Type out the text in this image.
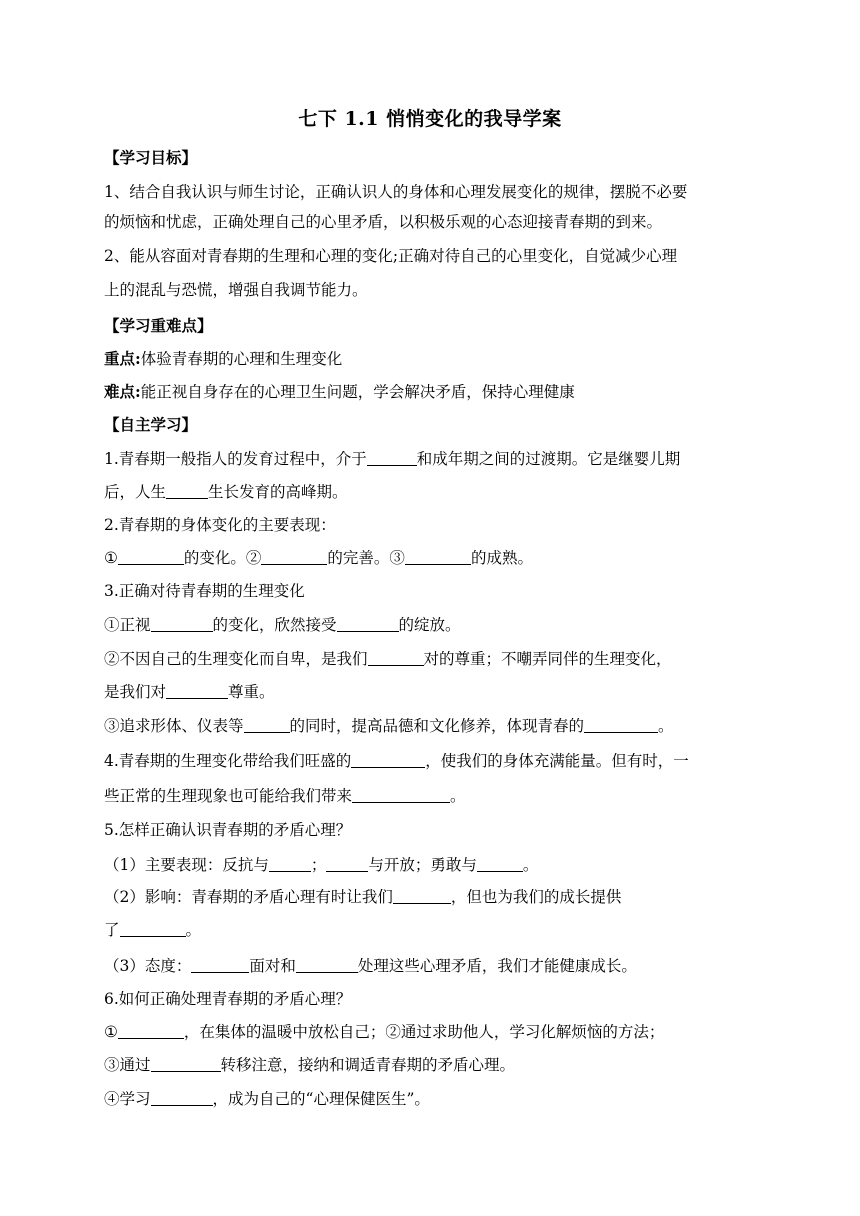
七下 1.1 悄悄变化的我导学案
【学习目标】
1、结合自我认识与师生讨论，正确认识人的身体和心理发展变化的规律，摆脱不必要
的烦恼和忧虑，正确处理自己的心里矛盾，以积极乐观的心态迎接青春期的到来。
2、能从容面对青春期的生理和心理的变化;正确对待自己的心里变化，自觉减少心理
上的混乱与恐慌，增强自我调节能力。
【学习重难点】
重点:体验青春期的心理和生理变化
难点:能正视自身存在的心理卫生问题，学会解决矛盾，保持心理健康
【自主学习】
1.青春期一般指人的发育过程中，介于	和成年期之间的过渡期。它是继婴儿期
后，人生	生长发育的高峰期。
2.青春期的身体变化的主要表现：
①	的变化。②	的完善。③	的成熟。
3.正确对待青春期的生理变化
①正视	的变化，欣然接受	的绽放。
②不因自己的生理变化而自卑，是我们	对的尊重；不嘲弄同伴的生理变化，
是我们对	尊重。
③追求形体、仪表等	的同时，提高品德和文化修养，体现青春的	。
4.青春期的生理变化带给我们旺盛的	，使我们的身体充满能量。但有时，一
些正常的生理现象也可能给我们带来	。
5.怎样正确认识青春期的矛盾心理？
（1）主要表现：反抗与	；	与开放；勇敢与	。
（2）影响：青春期的矛盾心理有时让我们	，但也为我们的成长提供
了	。
（3）态度：	面对和	处理这些心理矛盾，我们才能健康成长。
6.如何正确处理青春期的矛盾心理？
①	，在集体的温暖中放松自己；②通过求助他人，学习化解烦恼的方法；
③通过	转移注意，接纳和调适青春期的矛盾心理。
④学习	，成为自己的“心理保健医生”。
